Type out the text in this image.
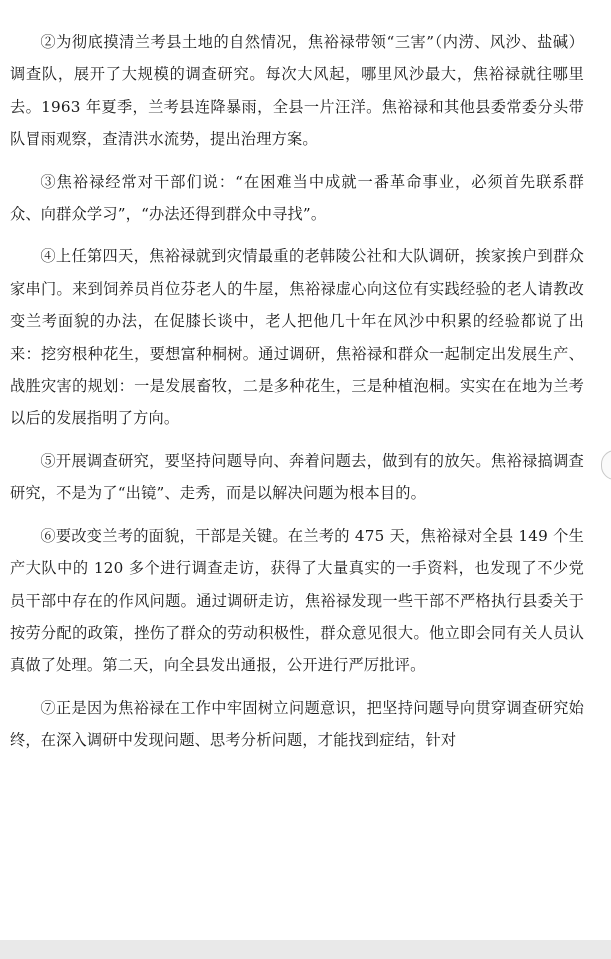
②为彻底摸清兰考县土地的自然情况，焦裕禄带领“三害”（内涝、风沙、盐碱）调查队，展开了大规模的调查研究。每次大风起，哪里风沙最大，焦裕禄就往哪里去。1963 年夏季，兰考县连降暴雨，全县一片汪洋。焦裕禄和其他县委常委分头带队冒雨观察，查清洪水流势，提出治理方案。

③焦裕禄经常对干部们说：“在困难当中成就一番革命事业，必须首先联系群众、向群众学习”，“办法还得到群众中寻找”。

④上任第四天，焦裕禄就到灾情最重的老韩陵公社和大队调研，挨家挨户到群众家串门。来到饲养员肖位芬老人的牛屋，焦裕禄虚心向这位有实践经验的老人请教改变兰考面貌的办法，在促膝长谈中，老人把他几十年在风沙中积累的经验都说了出来：挖穷根种花生，要想富种桐树。通过调研，焦裕禄和群众一起制定出发展生产、战胜灾害的规划：一是发展畜牧，二是多种花生，三是种植泡桐。实实在在地为兰考以后的发展指明了方向。

⑤开展调查研究，要坚持问题导向、奔着问题去，做到有的放矢。焦裕禄搞调查研究，不是为了“出镜”、走秀，而是以解决问题为根本目的。

⑥要改变兰考的面貌，干部是关键。在兰考的 475 天，焦裕禄对全县 149 个生产大队中的 120 多个进行调查走访，获得了大量真实的一手资料，也发现了不少党员干部中存在的作风问题。通过调研走访，焦裕禄发现一些干部不严格执行县委关于按劳分配的政策，挫伤了群众的劳动积极性，群众意见很大。他立即会同有关人员认真做了处理。第二天，向全县发出通报，公开进行严厉批评。

⑦正是因为焦裕禄在工作中牢固树立问题意识，把坚持问题导向贯穿调查研究始终，在深入调研中发现问题、思考分析问题，才能找到症结，针对
